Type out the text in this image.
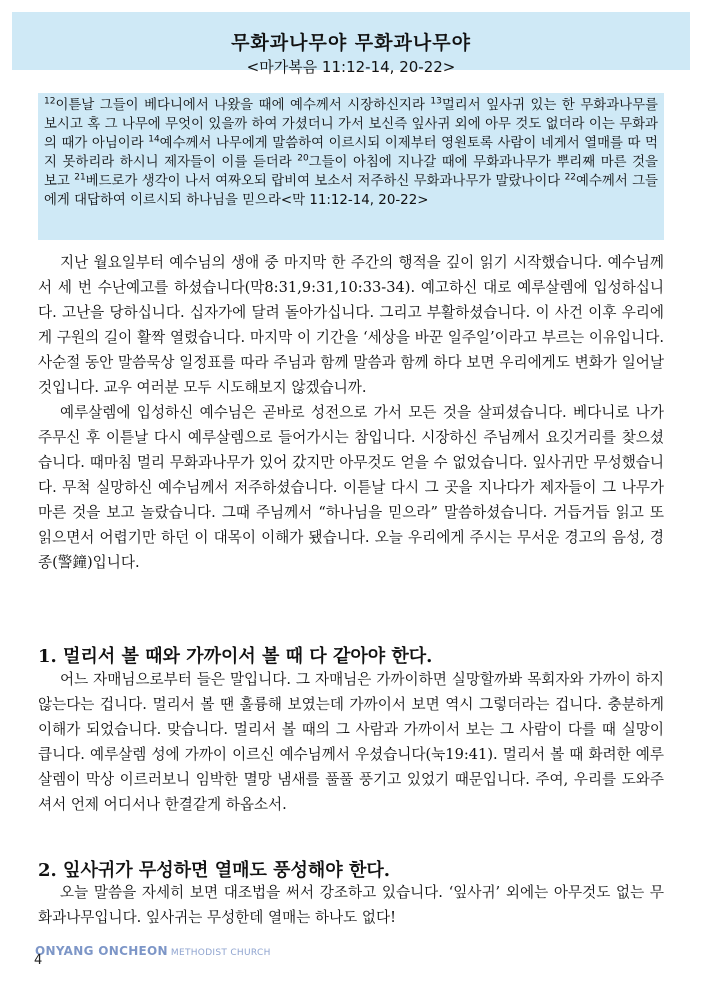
무화과나무야 무화과나무야
<마가복음 11:12-14, 20-22>
$^{12}$이튿날 그들이 베다니에서 나왔을 때에 예수께서 시장하신지라 $^{13}$멀리서 잎사귀 있는 한 무화과나무를 보시고 혹 그 나무에 무엇이 있을까 하여 가셨더니 가서 보신즉 잎사귀 외에 아무 것도 없더라 이는 무화과의 때가 아님이라 $^{14}$예수께서 나무에게 말씀하여 이르시되 이제부터 영원토록 사람이 네게서 열매를 따 먹지 못하리라 하시니 제자들이 이를 듣더라 $^{20}$그들이 아침에 지나갈 때에 무화과나무가 뿌리째 마른 것을 보고 $^{21}$베드로가 생각이 나서 여짜오되 랍비여 보소서 저주하신 무화과나무가 말랐나이다 $^{22}$예수께서 그들에게 대답하여 이르시되 하나님을 믿으라<막 11:12-14, 20-22>

지난 월요일부터 예수님의 생애 중 마지막 한 주간의 행적을 깊이 읽기 시작했습니다. 예수님께서 세 번 수난예고를 하셨습니다(막8:31,9:31,10:33-34). 예고하신 대로 예루살렘에 입성하십니다. 고난을 당하십니다. 십자가에 달려 돌아가십니다. 그리고 부활하셨습니다. 이 사건 이후 우리에게 구원의 길이 활짝 열렸습니다. 마지막 이 기간을 ‘세상을 바꾼 일주일’이라고 부르는 이유입니다. 사순절 동안 말씀묵상 일정표를 따라 주님과 함께 말씀과 함께 하다 보면 우리에게도 변화가 일어날 것입니다. 교우 여러분 모두 시도해보지 않겠습니까.

예루살렘에 입성하신 예수님은 곧바로 성전으로 가서 모든 것을 살피셨습니다. 베다니로 나가 주무신 후 이튿날 다시 예루살렘으로 들어가시는 참입니다. 시장하신 주님께서 요깃거리를 찾으셨습니다. 때마침 멀리 무화과나무가 있어 갔지만 아무것도 얻을 수 없었습니다. 잎사귀만 무성했습니다. 무척 실망하신 예수님께서 저주하셨습니다. 이튿날 다시 그 곳을 지나다가 제자들이 그 나무가 마른 것을 보고 놀랐습니다. 그때 주님께서 “하나님을 믿으라” 말씀하셨습니다. 거듭거듭 읽고 또 읽으면서 어렵기만 하던 이 대목이 이해가 됐습니다. 오늘 우리에게 주시는 무서운 경고의 음성, 경종(警鐘)입니다.

1. 멀리서 볼 때와 가까이서 볼 때 다 같아야 한다.

어느 자매님으로부터 들은 말입니다. 그 자매님은 가까이하면 실망할까봐 목회자와 가까이 하지 않는다는 겁니다. 멀리서 볼 땐 훌륭해 보였는데 가까이서 보면 역시 그렇더라는 겁니다. 충분하게 이해가 되었습니다. 맞습니다. 멀리서 볼 때의 그 사람과 가까이서 보는 그 사람이 다를 때 실망이 큽니다. 예루살렘 성에 가까이 이르신 예수님께서 우셨습니다(눅19:41). 멀리서 볼 때 화려한 예루살렘이 막상 이르러보니 임박한 멸망 냄새를 풀풀 풍기고 있었기 때문입니다. 주여, 우리를 도와주셔서 언제 어디서나 한결같게 하옵소서.

2. 잎사귀가 무성하면 열매도 풍성해야 한다.

오늘 말씀을 자세히 보면 대조법을 써서 강조하고 있습니다. ‘잎사귀’ 외에는 아무것도 없는 무화과나무입니다. 잎사귀는 무성한데 열매는 하나도 없다!

ONYANG ONCHEON METHODIST CHURCH
4
